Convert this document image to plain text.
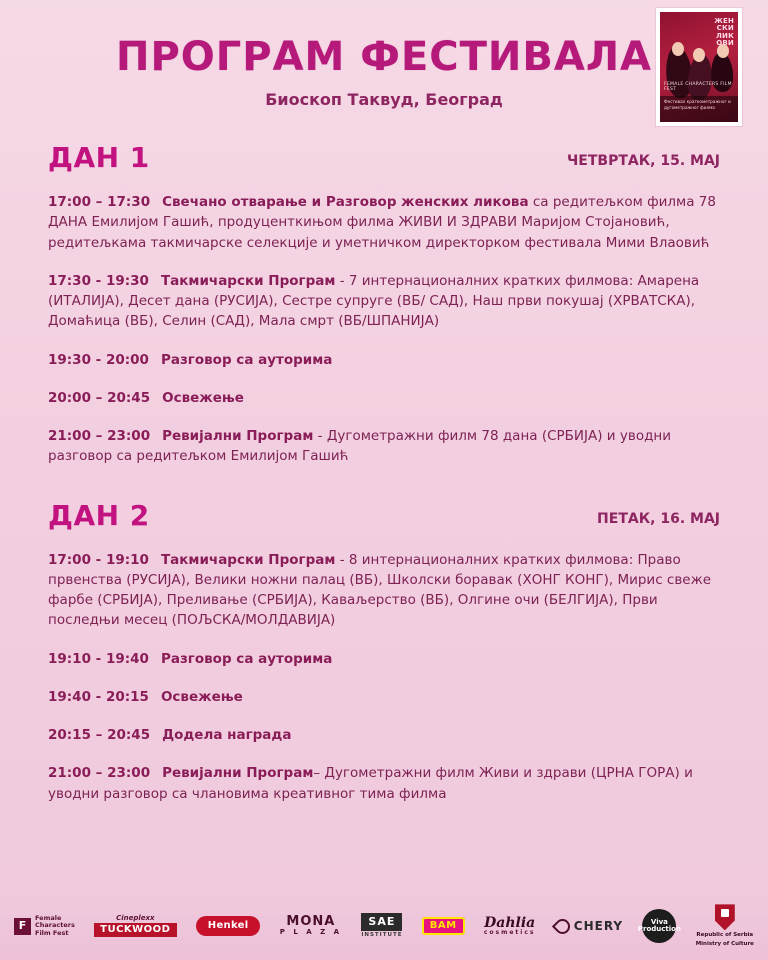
ЖЕН
СКИ
ЛИК
ОВИ
FEMALE CHARACTERS FILM FEST
Фестивал краткометражног и дугометражног филма
ПРОГРАМ ФЕСТИВАЛА
Биоскоп Таквуд, Београд
ДАН 1	ЧЕТВРТАК, 15. МАЈ
17:00 – 17:30 Свечано отварање и Разговор женских ликова са редитељком филма 78 ДАНА Емилијом Гашић, продуценткињом филма ЖИВИ И ЗДРАВИ Маријом Стојановић, редитељкама такмичарске селекције и уметничком директорком фестивала Мими Влаовић
17:30 - 19:30 Такмичарски Програм - 7 интернационалних кратких филмова: Амарена (ИТАЛИЈА), Десет дана (РУСИЈА), Сестре супруге (ВБ/ САД), Наш први покушај (ХРВАТСКА), Домаћица (ВБ), Селин (САД), Мала смрт (ВБ/ШПАНИЈА)
19:30 - 20:00 Разговор са ауторима
20:00 – 20:45 Освежење
21:00 – 23:00 Ревијални Програм - Дугометражни филм 78 дана (СРБИЈА) и уводни разговор са редитељком Емилијом Гашић
ДАН 2	ПЕТАК, 16. МАЈ
17:00 - 19:10 Такмичарски Програм - 8 интернационалних кратких филмова: Право првенства (РУСИЈА), Велики ножни палац (ВБ), Школски боравак (ХОНГ КОНГ), Мирис свеже фарбе (СРБИЈА), Преливање (СРБИЈА), Каваљерство (ВБ), Олгине очи (БЕЛГИЈА), Први последњи месец (ПОЉСКА/МОЛДАВИЈА)
19:10 - 19:40 Разговор са ауторима
19:40 - 20:15 Освежење
20:15 – 20:45 Додела награда
21:00 – 23:00 Ревијални Програм– Дугометражни филм Живи и здрави (ЦРНА ГОРА) и уводни разговор са члановима креативног тима филма
F
Female
Characters
Film Fest
Cineplexx
TUCKWOOD	Henkel	MONA
P L A Z A
SAE
INSTITUTE
BAM	Dahlia
cosmetics	CHERY	Viva Production
Republic of Serbia
Ministry of Culture
